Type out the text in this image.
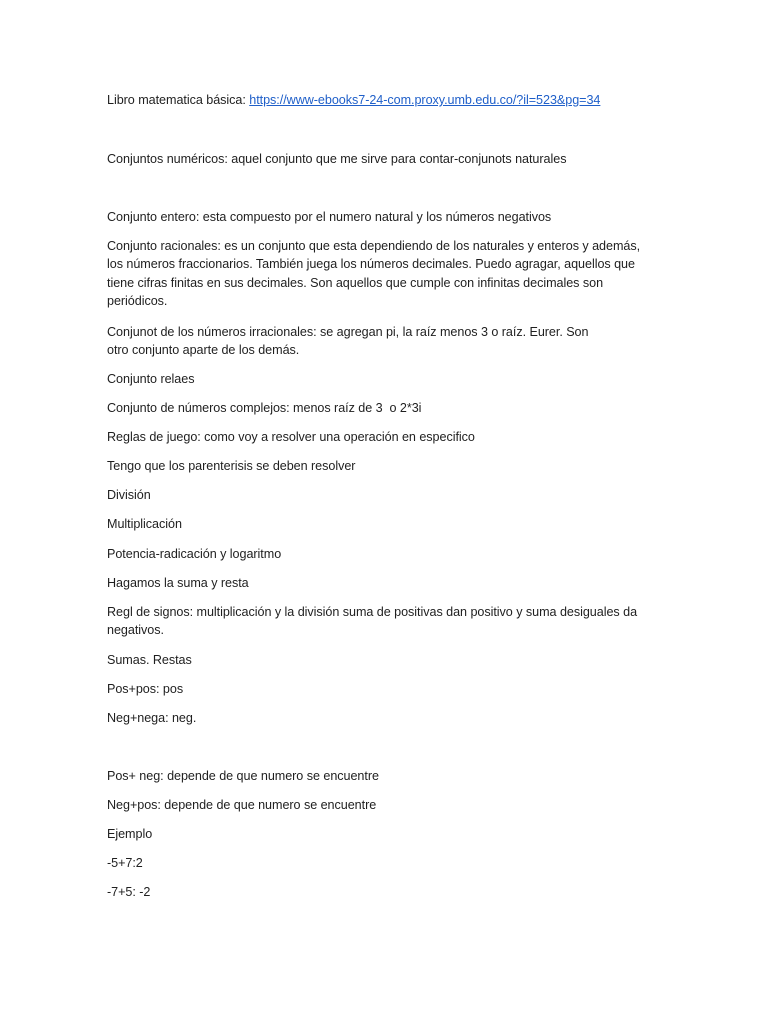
Libro matematica básica: https://www-ebooks7-24-com.proxy.umb.edu.co/?il=523&pg=34

Conjuntos numéricos: aquel conjunto que me sirve para contar-conjunots naturales

Conjunto entero: esta compuesto por el numero natural y los números negativos

Conjunto racionales: es un conjunto que esta dependiendo de los naturales y enteros y además, los números fraccionarios. También juega los números decimales. Puedo agragar, aquellos que tiene cifras finitas en sus decimales. Son aquellos que cumple con infinitas decimales son periódicos.

Conjunot de los números irracionales: se agregan pi, la raíz menos 3 o raíz. Eurer. Son otro conjunto aparte de los demás.

Conjunto relaes

Conjunto de números complejos: menos raíz de 3  o 2*3i

Reglas de juego: como voy a resolver una operación en especifico

Tengo que los parenterisis se deben resolver

División

Multiplicación

Potencia-radicación y logaritmo

Hagamos la suma y resta

Regl de signos: multiplicación y la división suma de positivas dan positivo y suma desiguales da negativos.

Sumas. Restas

Pos+pos: pos

Neg+nega: neg.

Pos+ neg: depende de que numero se encuentre

Neg+pos: depende de que numero se encuentre

Ejemplo

-5+7:2

-7+5: -2
